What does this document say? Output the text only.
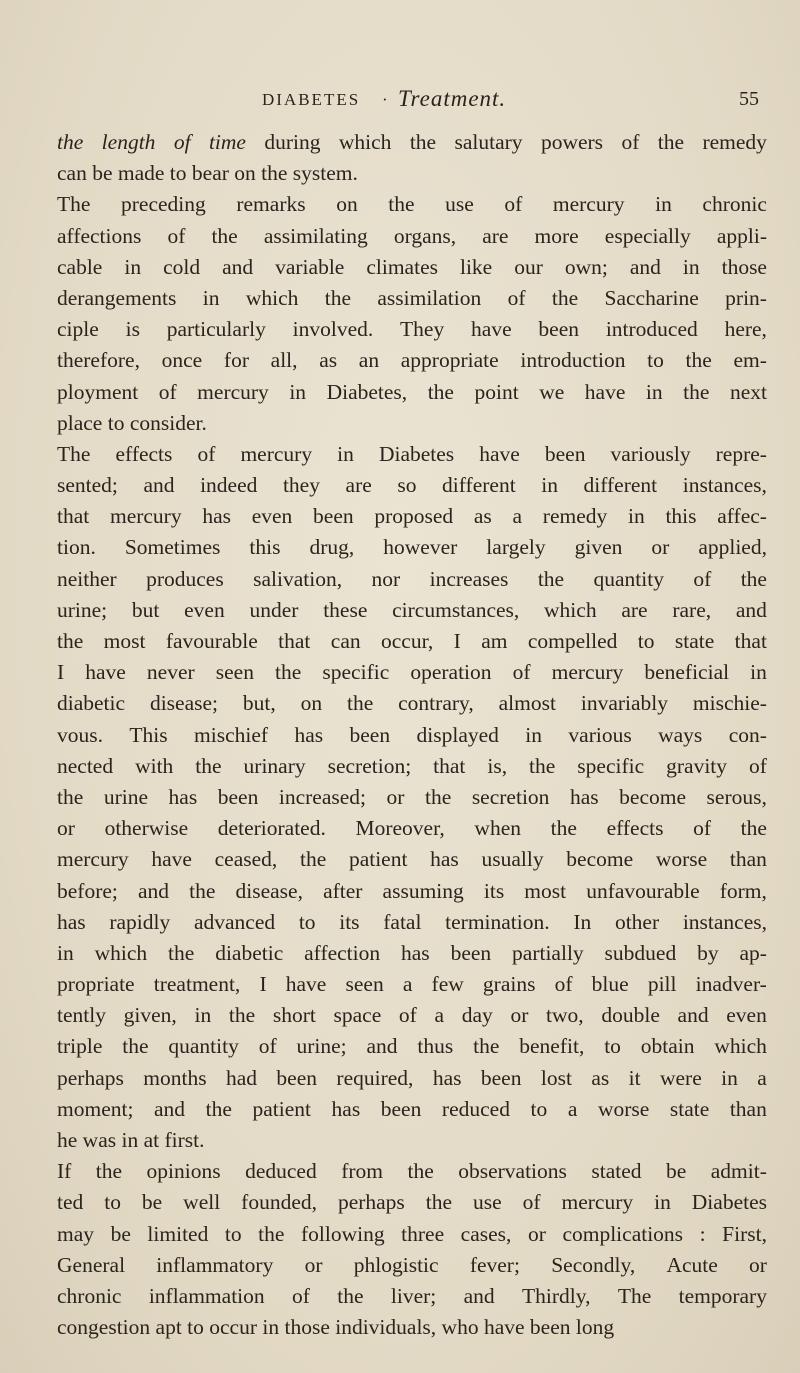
DIABETES · Treatment.	55
the length of time during which the salutary powers of the remedy
can be made to bear on the system.
The preceding remarks on the use of mercury in chronic
affections of the assimilating organs, are more especially appli-
cable in cold and variable climates like our own; and in those
derangements in which the assimilation of the Saccharine prin-
ciple is particularly involved. They have been introduced here,
therefore, once for all, as an appropriate introduction to the em-
ployment of mercury in Diabetes, the point we have in the next
place to consider.
The effects of mercury in Diabetes have been variously repre-
sented; and indeed they are so different in different instances,
that mercury has even been proposed as a remedy in this affec-
tion. Sometimes this drug, however largely given or applied,
neither produces salivation, nor increases the quantity of the
urine; but even under these circumstances, which are rare, and
the most favourable that can occur, I am compelled to state that
I have never seen the specific operation of mercury beneficial in
diabetic disease; but, on the contrary, almost invariably mischie-
vous. This mischief has been displayed in various ways con-
nected with the urinary secretion; that is, the specific gravity of
the urine has been increased; or the secretion has become serous,
or otherwise deteriorated. Moreover, when the effects of the
mercury have ceased, the patient has usually become worse than
before; and the disease, after assuming its most unfavourable form,
has rapidly advanced to its fatal termination. In other instances,
in which the diabetic affection has been partially subdued by ap-
propriate treatment, I have seen a few grains of blue pill inadver-
tently given, in the short space of a day or two, double and even
triple the quantity of urine; and thus the benefit, to obtain which
perhaps months had been required, has been lost as it were in a
moment; and the patient has been reduced to a worse state than
he was in at first.
If the opinions deduced from the observations stated be admit-
ted to be well founded, perhaps the use of mercury in Diabetes
may be limited to the following three cases, or complications : First,
General inflammatory or phlogistic fever; Secondly, Acute or
chronic inflammation of the liver; and Thirdly, The temporary
congestion apt to occur in those individuals, who have been long
